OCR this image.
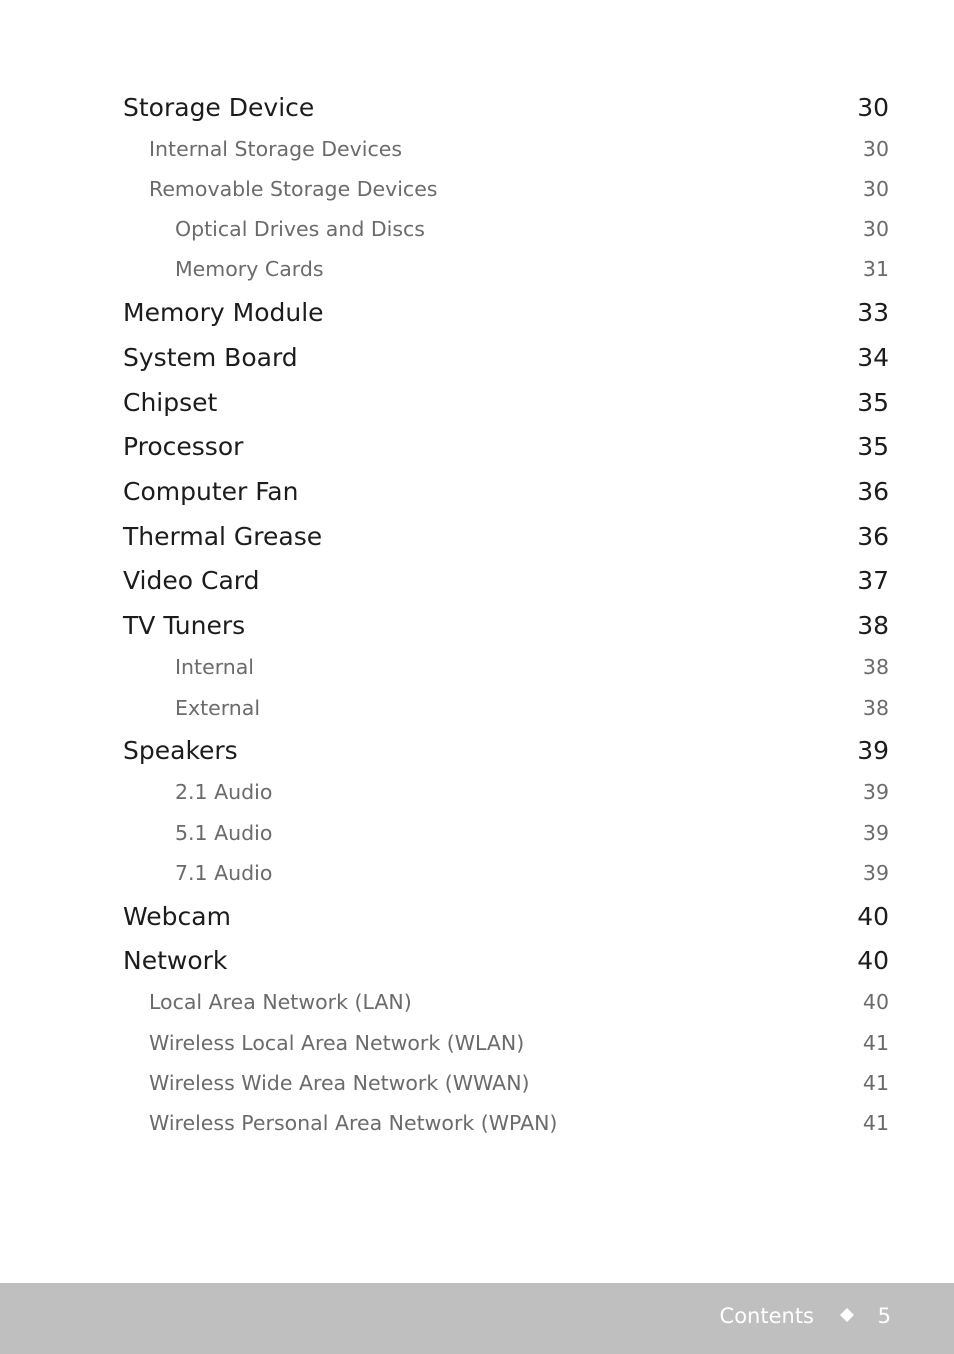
Storage Device	30
Internal Storage Devices	30
Removable Storage Devices	30
Optical Drives and Discs	30
Memory Cards	31
Memory Module	33
System Board	34
Chipset	35
Processor	35
Computer Fan	36
Thermal Grease	36
Video Card	37
TV Tuners	38
Internal	38
External	38
Speakers	39
2.1 Audio	39
5.1 Audio	39
7.1 Audio	39
Webcam	40
Network	40
Local Area Network (LAN)	40
Wireless Local Area Network (WLAN)	41
Wireless Wide Area Network (WWAN)	41
Wireless Personal Area Network (WPAN)	41
Contents	5
